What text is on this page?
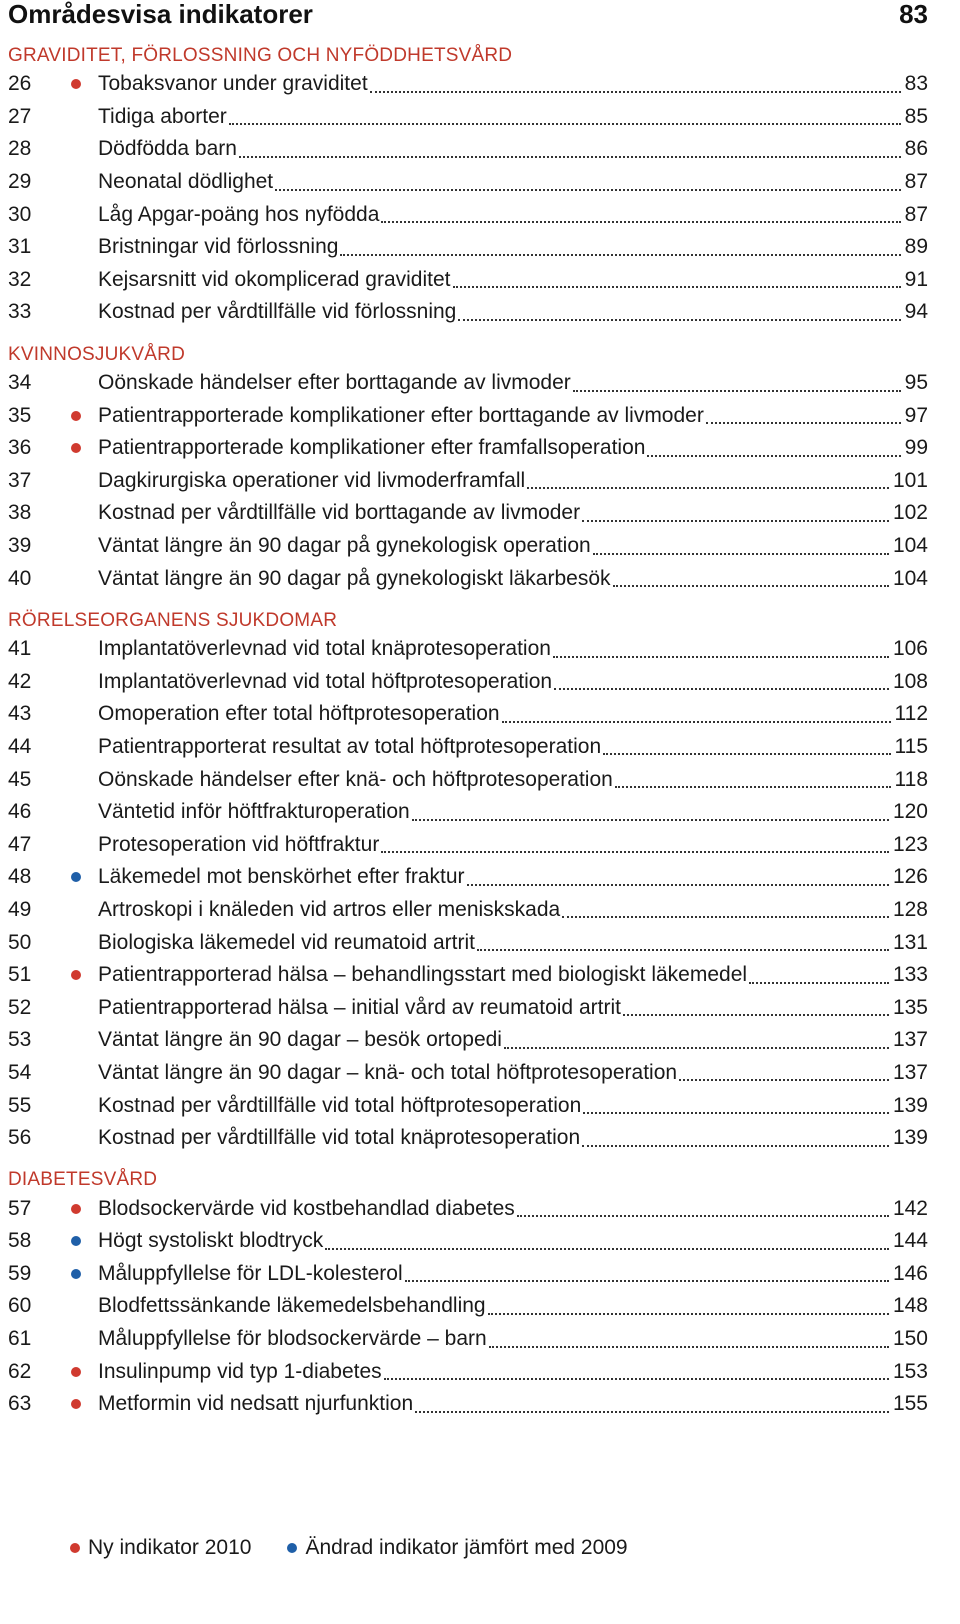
Områdesvisa indikatorer	83
GRAVIDITET, FÖRLOSSNING OCH NYFÖDDHETSVÅRD
26	Tobaksvanor under graviditet	83
27	Tidiga aborter	85
28	Dödfödda barn	86
29	Neonatal dödlighet	87
30	Låg Apgar-poäng hos nyfödda	87
31	Bristningar vid förlossning	89
32	Kejsarsnitt vid okomplicerad graviditet	91
33	Kostnad per vårdtillfälle vid förlossning	94
KVINNOSJUKVÅRD
34	Oönskade händelser efter borttagande av livmoder	95
35	Patientrapporterade komplikationer efter borttagande av livmoder	97
36	Patientrapporterade komplikationer efter framfallsoperation	99
37	Dagkirurgiska operationer vid livmoderframfall	101
38	Kostnad per vårdtillfälle vid borttagande av livmoder	102
39	Väntat längre än 90 dagar på gynekologisk operation	104
40	Väntat längre än 90 dagar på gynekologiskt läkarbesök	104
RÖRELSEORGANENS SJUKDOMAR
41	Implantatöverlevnad vid total knäprotesoperation	106
42	Implantatöverlevnad vid total höftprotesoperation	108
43	Omoperation efter total höftprotesoperation	112
44	Patientrapporterat resultat av total höftprotesoperation	115
45	Oönskade händelser efter knä- och höftprotesoperation	118
46	Väntetid inför höftfrakturoperation	120
47	Protesoperation vid höftfraktur	123
48	Läkemedel mot benskörhet efter fraktur	126
49	Artroskopi i knäleden vid artros eller meniskskada	128
50	Biologiska läkemedel vid reumatoid artrit	131
51	Patientrapporterad hälsa – behandlingsstart med biologiskt läkemedel	133
52	Patientrapporterad hälsa – initial vård av reumatoid artrit	135
53	Väntat längre än 90 dagar – besök ortopedi	137
54	Väntat längre än 90 dagar – knä- och total höftprotesoperation	137
55	Kostnad per vårdtillfälle vid total höftprotesoperation	139
56	Kostnad per vårdtillfälle vid total knäprotesoperation	139
DIABETESVÅRD
57	Blodsockervärde vid kostbehandlad diabetes	142
58	Högt systoliskt blodtryck	144
59	Måluppfyllelse för LDL-kolesterol	146
60	Blodfettssänkande läkemedelsbehandling	148
61	Måluppfyllelse för blodsockervärde – barn	150
62	Insulinpump vid typ 1-diabetes	153
63	Metformin vid nedsatt njurfunktion	155
Ny indikator 2010	Ändrad indikator jämfört med 2009
